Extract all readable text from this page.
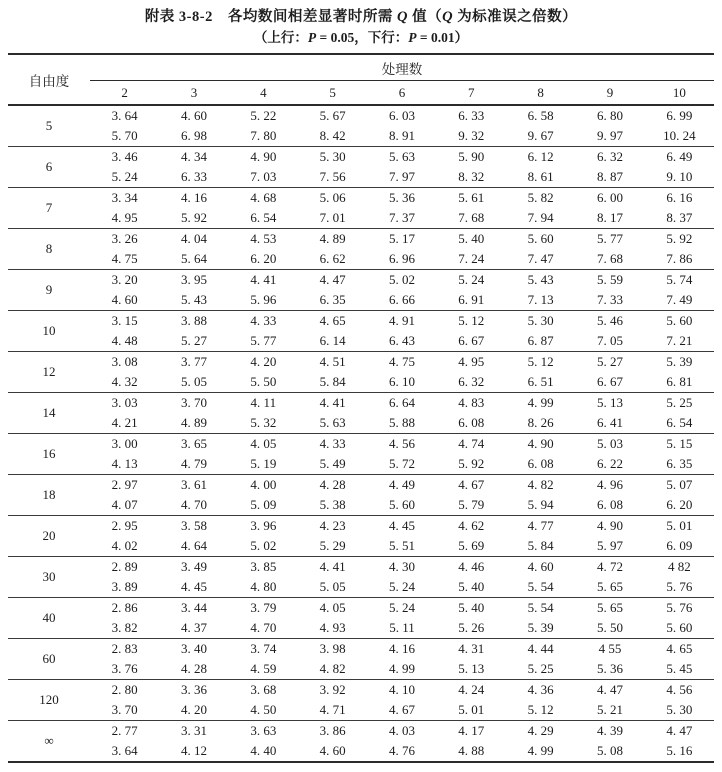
附表 3-8-2　各均数间相差显著时所需 Q 值（Q 为标准误之倍数）
（上行：P = 0.05，下行：P = 0.01）
自由度	处理数								
	2	3	4	5	6	7	8	9	10
5	3. 64	4. 60	5. 22	5. 67	6. 03	6. 33	6. 58	6. 80	6. 99
	5. 70	6. 98	7. 80	8. 42	8. 91	9. 32	9. 67	9. 97	10. 24
6	3. 46	4. 34	4. 90	5. 30	5. 63	5. 90	6. 12	6. 32	6. 49
	5. 24	6. 33	7. 03	7. 56	7. 97	8. 32	8. 61	8. 87	9. 10
7	3. 34	4. 16	4. 68	5. 06	5. 36	5. 61	5. 82	6. 00	6. 16
	4. 95	5. 92	6. 54	7. 01	7. 37	7. 68	7. 94	8. 17	8. 37
8	3. 26	4. 04	4. 53	4. 89	5. 17	5. 40	5. 60	5. 77	5. 92
	4. 75	5. 64	6. 20	6. 62	6. 96	7. 24	7. 47	7. 68	7. 86
9	3. 20	3. 95	4. 41	4. 47	5. 02	5. 24	5. 43	5. 59	5. 74
	4. 60	5. 43	5. 96	6. 35	6. 66	6. 91	7. 13	7. 33	7. 49
10	3. 15	3. 88	4. 33	4. 65	4. 91	5. 12	5. 30	5. 46	5. 60
	4. 48	5. 27	5. 77	6. 14	6. 43	6. 67	6. 87	7. 05	7. 21
12	3. 08	3. 77	4. 20	4. 51	4. 75	4. 95	5. 12	5. 27	5. 39
	4. 32	5. 05	5. 50	5. 84	6. 10	6. 32	6. 51	6. 67	6. 81
14	3. 03	3. 70	4. 11	4. 41	6. 64	4. 83	4. 99	5. 13	5. 25
	4. 21	4. 89	5. 32	5. 63	5. 88	6. 08	8. 26	6. 41	6. 54
16	3. 00	3. 65	4. 05	4. 33	4. 56	4. 74	4. 90	5. 03	5. 15
	4. 13	4. 79	5. 19	5. 49	5. 72	5. 92	6. 08	6. 22	6. 35
18	2. 97	3. 61	4. 00	4. 28	4. 49	4. 67	4. 82	4. 96	5. 07
	4. 07	4. 70	5. 09	5. 38	5. 60	5. 79	5. 94	6. 08	6. 20
20	2. 95	3. 58	3. 96	4. 23	4. 45	4. 62	4. 77	4. 90	5. 01
	4. 02	4. 64	5. 02	5. 29	5. 51	5. 69	5. 84	5. 97	6. 09
30	2. 89	3. 49	3. 85	4. 41	4. 30	4. 46	4. 60	4. 72	4 82
	3. 89	4. 45	4. 80	5. 05	5. 24	5. 40	5. 54	5. 65	5. 76
40	2. 86	3. 44	3. 79	4. 05	5. 24	5. 40	5. 54	5. 65	5. 76
	3. 82	4. 37	4. 70	4. 93	5. 11	5. 26	5. 39	5. 50	5. 60
60	2. 83	3. 40	3. 74	3. 98	4. 16	4. 31	4. 44	4 55	4. 65
	3. 76	4. 28	4. 59	4. 82	4. 99	5. 13	5. 25	5. 36	5. 45
120	2. 80	3. 36	3. 68	3. 92	4. 10	4. 24	4. 36	4. 47	4. 56
	3. 70	4. 20	4. 50	4. 71	4. 67	5. 01	5. 12	5. 21	5. 30
∞	2. 77	3. 31	3. 63	3. 86	4. 03	4. 17	4. 29	4. 39	4. 47
	3. 64	4. 12	4. 40	4. 60	4. 76	4. 88	4. 99	5. 08	5. 16
